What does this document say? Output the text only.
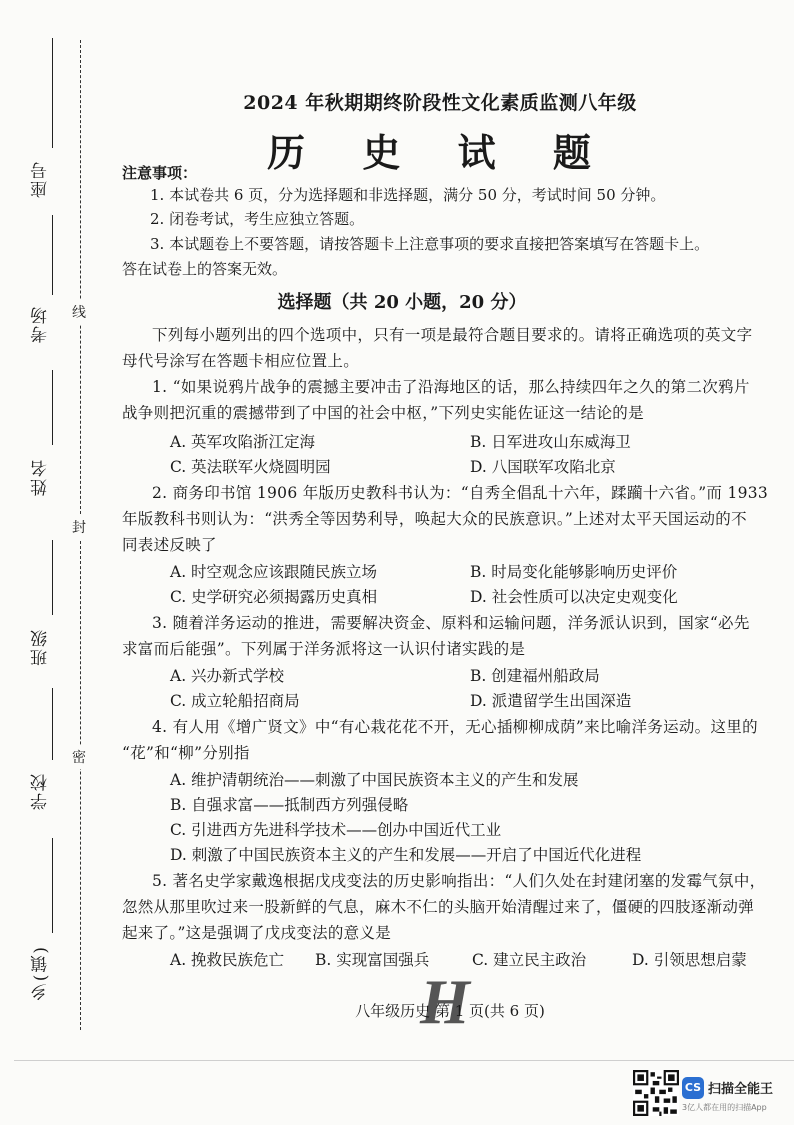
线
封
密
座号
考场
姓名
班级
学校
乡(镇)
2024 年秋期期终阶段性文化素质监测八年级
历 史 试 题
注意事项：
1. 本试卷共 6 页，分为选择题和非选择题，满分 50 分，考试时间 50 分钟。
2. 闭卷考试，考生应独立答题。
3. 本试题卷上不要答题，请按答题卡上注意事项的要求直接把答案填写在答题卡上。
答在试卷上的答案无效。
选择题（共 20 小题，20 分）
下列每小题列出的四个选项中，只有一项是最符合题目要求的。请将正确选项的英文字
母代号涂写在答题卡相应位置上。
1. “如果说鸦片战争的震撼主要冲击了沿海地区的话，那么持续四年之久的第二次鸦片
战争则把沉重的震撼带到了中国的社会中枢，”下列史实能佐证这一结论的是
A. 英军攻陷浙江定海	B. 日军进攻山东威海卫
C. 英法联军火烧圆明园	D. 八国联军攻陷北京
2. 商务印书馆 1906 年版历史教科书认为：“自秀全倡乱十六年，蹂躏十六省。”而 1933
年版教科书则认为：“洪秀全等因势利导，唤起大众的民族意识。”上述对太平天国运动的不
同表述反映了
A. 时空观念应该跟随民族立场	B. 时局变化能够影响历史评价
C. 史学研究必须揭露历史真相	D. 社会性质可以决定史观变化
3. 随着洋务运动的推进，需要解决资金、原料和运输问题，洋务派认识到，国家“必先
求富而后能强”。下列属于洋务派将这一认识付诸实践的是
A. 兴办新式学校	B. 创建福州船政局
C. 成立轮船招商局	D. 派遣留学生出国深造
4. 有人用《增广贤文》中“有心栽花花不开，无心插柳柳成荫”来比喻洋务运动。这里的
“花”和“柳”分别指
A. 维护清朝统治——刺激了中国民族资本主义的产生和发展
B. 自强求富——抵制西方列强侵略
C. 引进西方先进科学技术——创办中国近代工业
D. 刺激了中国民族资本主义的产生和发展——开启了中国近代化进程
5. 著名史学家戴逸根据戊戌变法的历史影响指出：“人们久处在封建闭塞的发霉气氛中，
忽然从那里吹过来一股新鲜的气息，麻木不仁的头脑开始清醒过来了，僵硬的四肢逐渐动弹
起来了。”这是强调了戊戌变法的意义是
A. 挽救民族危亡 B. 实现富国强兵	C. 建立民主政治	D. 引领思想启蒙
H
八年级历史 第 1 页(共 6 页)
CS 扫描全能王
3亿人都在用的扫描App
